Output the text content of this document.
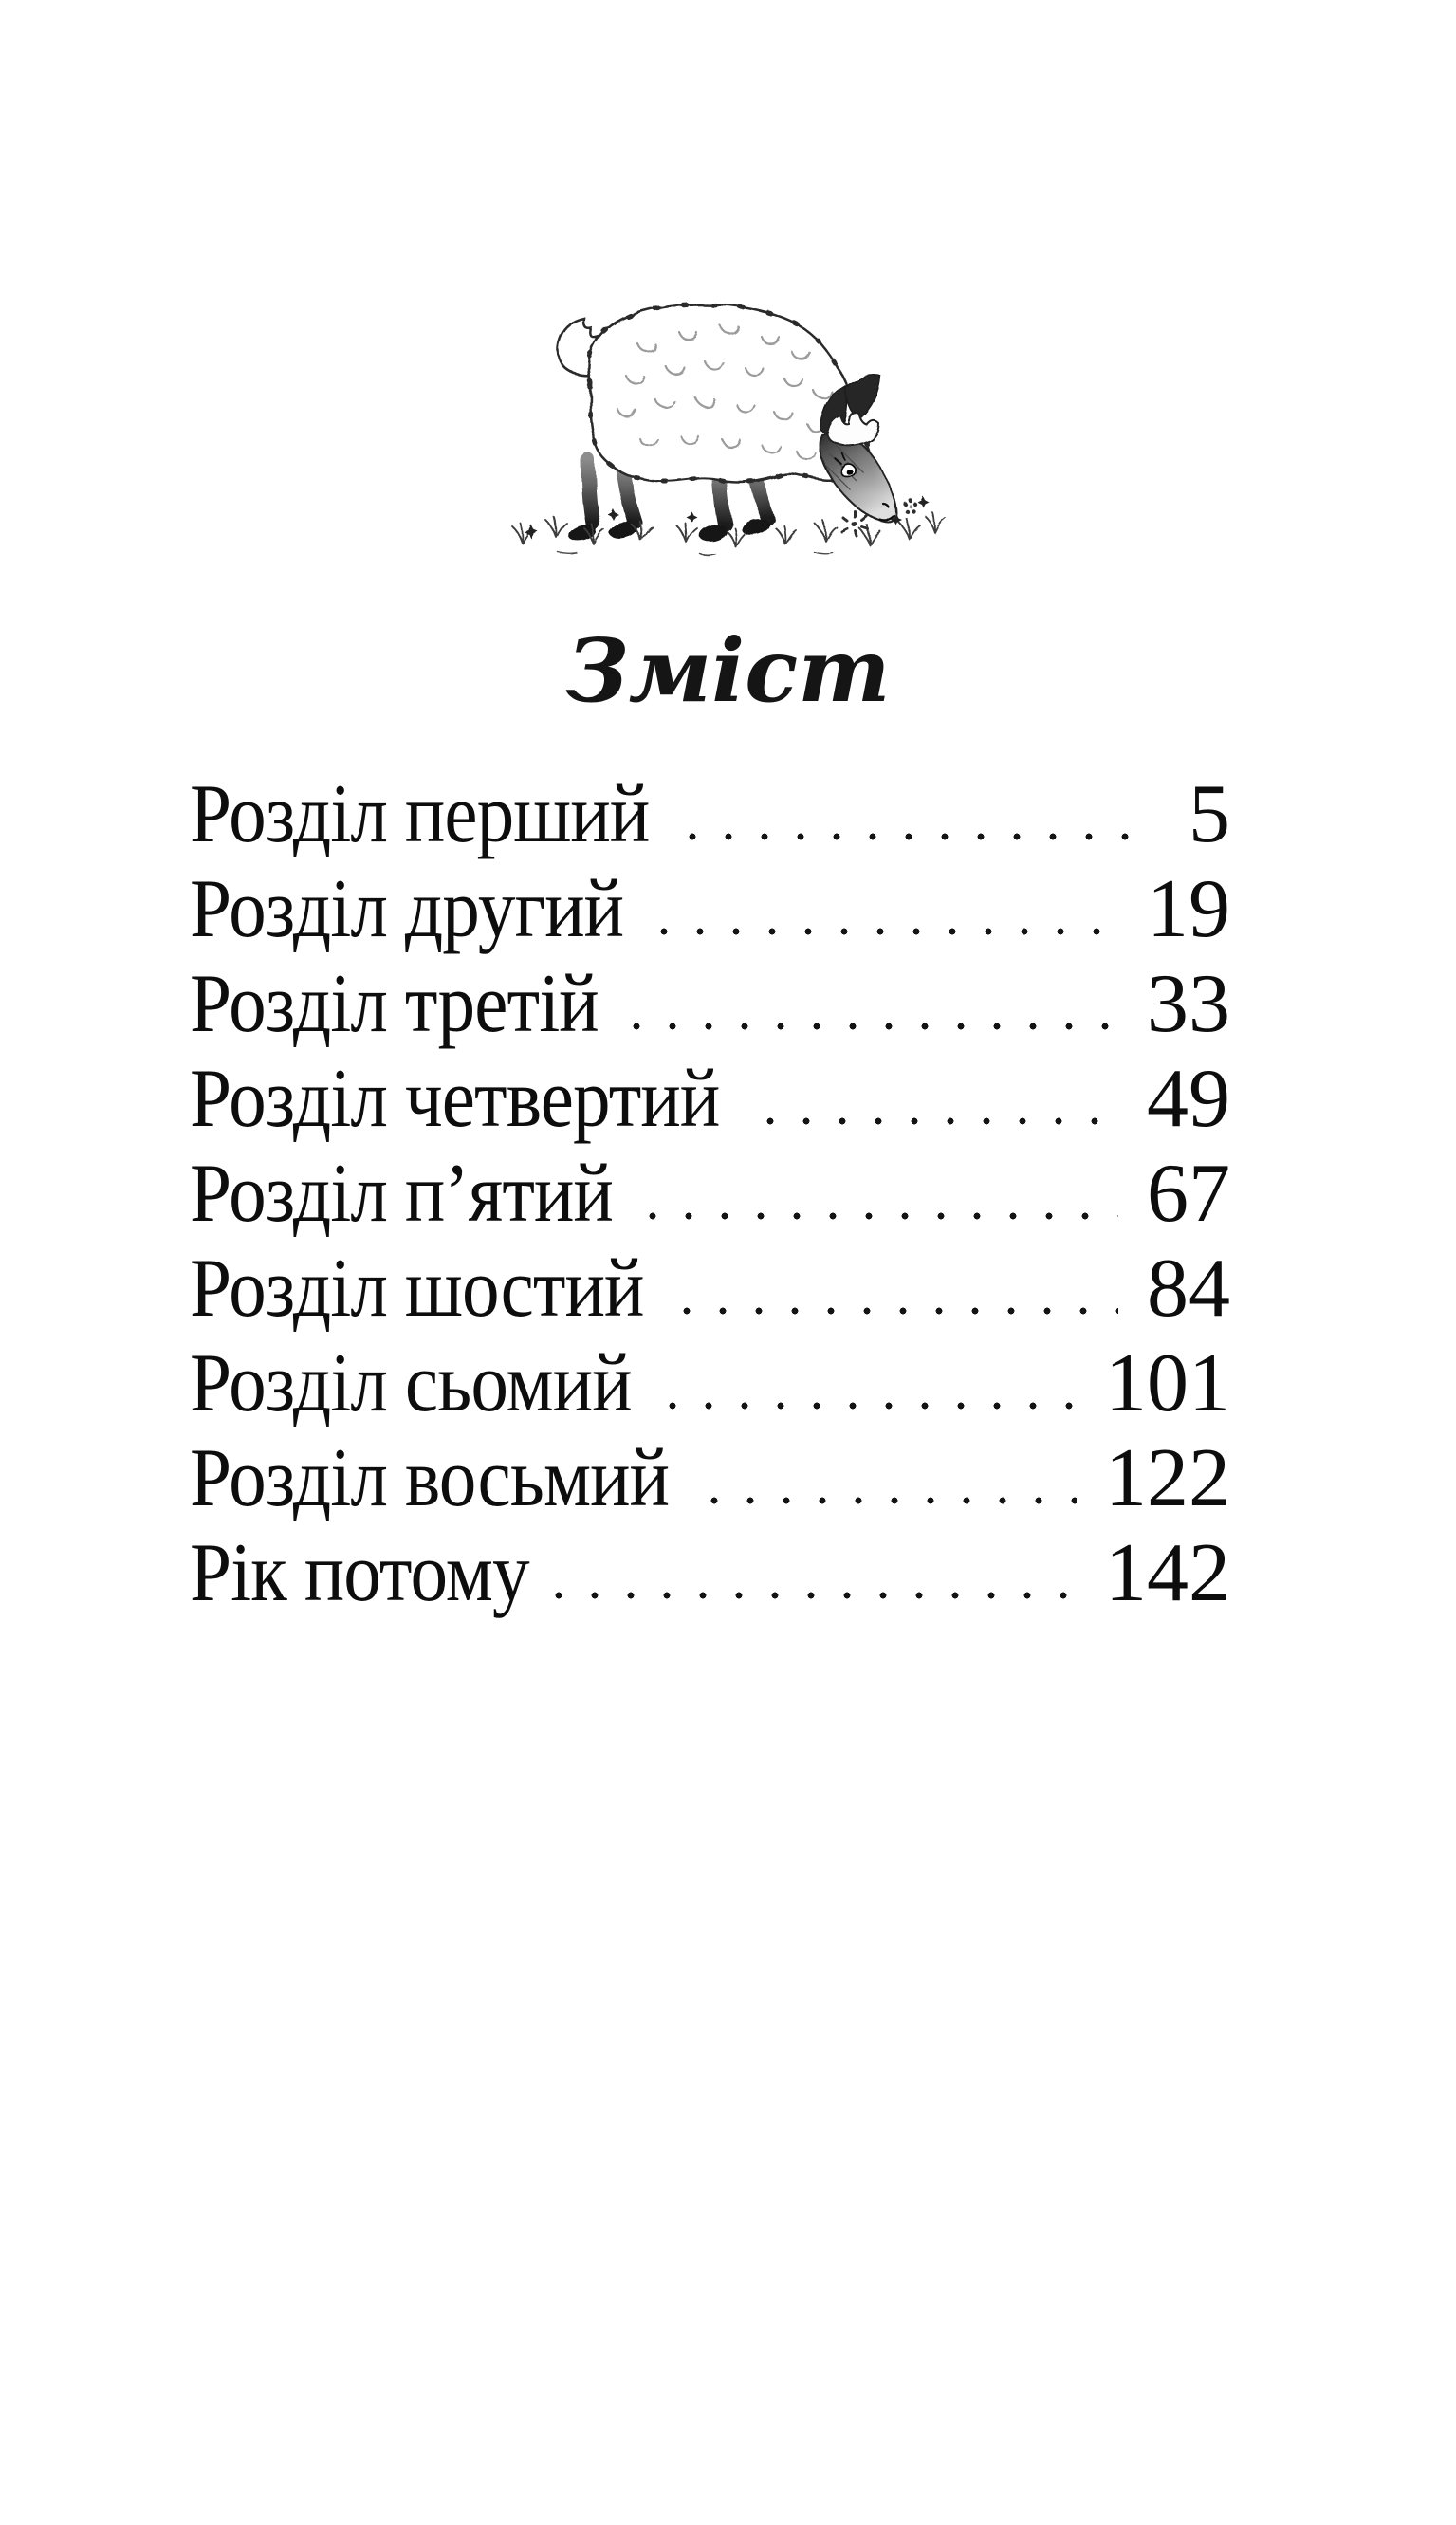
Зміст
Розділ перший	5
Розділ другий	19
Розділ третій	33
Розділ четвертий	49
Розділ п’ятий	67
Розділ шостий	84
Розділ сьомий	101
Розділ восьмий	122
Рік потому	142
